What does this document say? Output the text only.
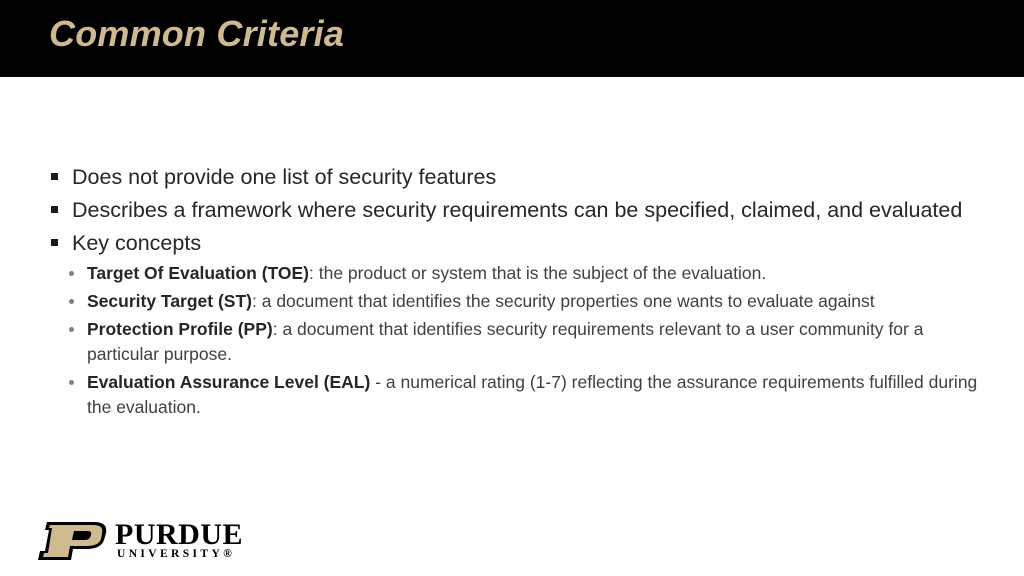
Common Criteria
Does not provide one list of security features
Describes a framework where security requirements can be specified, claimed, and evaluated
Key concepts
Target Of Evaluation (TOE): the product or system that is the subject of the evaluation.
Security Target (ST): a document that identifies the security properties one wants to evaluate against
Protection Profile (PP): a document that identifies security requirements relevant to a user community for a particular purpose.
Evaluation Assurance Level (EAL) - a numerical rating (1-7) reflecting the assurance requirements fulfilled during the evaluation.
PURDUE
UNIVERSITY®
